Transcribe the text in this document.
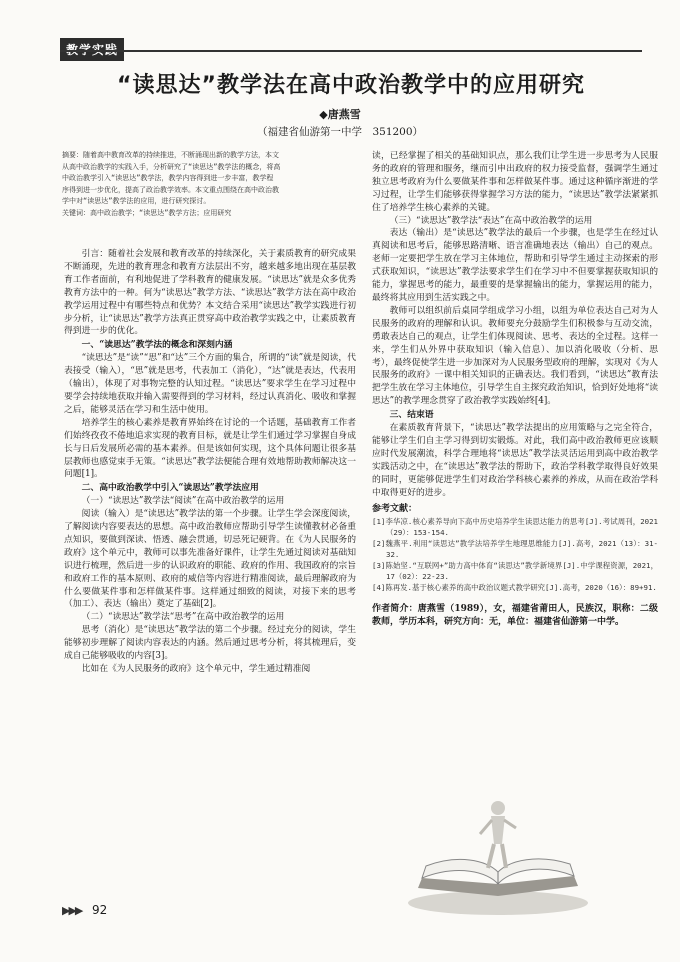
“读思达”教学法在高中政治教学中的应用研究
◆唐燕雪
（福建省仙游第一中学　351200）

摘要：随着高中教育改革的持续推进，不断涌现出新的教学方法，本文

从高中政治教学的实践入手，分析研究了“读思达”教学法的概念，将高

中政治教学引入“读思达”教学法，教学内容得到进一步丰富，教学程

序得到进一步优化，提高了政治教学效率。本文重点围绕在高中政治教

学中对“读思达”教学法的应用，进行研究探讨。

关键词：高中政治教学；“读思达”教学方法；应用研究

引言：随着社会发展和教育改革的持续深化，关于素质教育的研究成果不断涌现，先进的教育理念和教育方法层出不穷，越来越多地出现在基层教育工作者面前，有利地促进了学科教育的健康发展。“读思达”就是众多优秀教育方法中的一种。何为“读思达”教学方法、“读思达”教学方法在高中政治教学运用过程中有哪些特点和优势？本文结合采用“读思达”教学实践进行初步分析，让“读思达”教学方法真正贯穿高中政治教学实践之中，让素质教育得到进一步的优化。

一、“读思达”教学法的概念和深刻内涵

“读思达”是“读”“思”和“达”三个方面的集合，所谓的“读”就是阅读，代表接受（输入），“思”就是思考，代表加工（消化），“达”就是表达，代表用（输出），体现了对事物完整的认知过程。“读思达”要求学生在学习过程中要学会持续地获取并输入需要得到的学习材料，经过认真消化、吸收和掌握之后，能够灵活在学习和生活中使用。

培养学生的核心素养是教育界始终在讨论的一个话题，基础教育工作者们始终孜孜不倦地追求实现的教育目标，就是让学生们通过学习掌握自身成长与日后发展所必需的基本素养。但是该如何实现，这个具体问题让很多基层教师也感觉束手无策。“读思达”教学法便能合理有效地帮助教师解决这一问题[1]。

二、高中政治教学中引入“读思达”教学法应用

（一）“读思达”教学法“阅读”在高中政治教学的运用

阅读（输入）是“读思达”教学法的第一个步骤。让学生学会深度阅读，了解阅读内容要表达的思想。高中政治教师应帮助引导学生读懂教材必备重点知识，要做到深读、悟透、融会贯通，切忌死记硬背。在《为人民服务的政府》这个单元中，教师可以事先准备好课件，让学生先通过阅读对基础知识进行梳理，然后进一步的认识政府的职能、政府的作用、我国政府的宗旨和政府工作的基本原则、政府的威信等内容进行精准阅读，最后理解政府为什么要做某件事和怎样做某件事。这样通过细致的阅读，对接下来的思考（加工）、表达（输出）奠定了基础[2]。

（二）“读思达”教学法“思考”在高中政治教学的运用

思考（消化）是“读思达”教学法的第二个步骤。经过充分的阅读，学生能够初步理解了阅读内容表达的内涵。然后通过思考分析，将其梳理后，变成自己能够吸收的内容[3]。

比如在《为人民服务的政府》这个单元中，学生通过精准阅

读，已经掌握了相关的基础知识点，那么我们让学生进一步思考为人民服务的政府的管理和服务，继而引申出政府的权力接受监督，强调学生通过独立思考政府为什么要做某件事和怎样做某件事。通过这种循序渐进的学习过程，让学生们能够获得掌握学习方法的能力，“读思达”教学法紧紧抓住了培养学生核心素养的关键。

（三）“读思达”教学法“表达”在高中政治教学的运用

表达（输出）是“读思达”教学法的最后一个步骤，也是学生在经过认真阅读和思考后，能够思路清晰、语言准确地表达（输出）自己的观点。老师一定要把学生放在学习主体地位，帮助和引导学生通过主动探索的形式获取知识，“读思达”教学法要求学生们在学习中不但要掌握获取知识的能力，掌握思考的能力，最重要的是掌握输出的能力，掌握运用的能力，最终将其应用到生活实践之中。

教师可以组织前后桌同学组成学习小组，以组为单位表达自己对为人民服务的政府的理解和认识。教师要充分鼓励学生们积极参与互动交流，勇敢表达自己的观点，让学生们体现阅读、思考、表达的全过程。这样一来，学生们从外界中获取知识（输入信息）、加以消化吸收（分析、思考），最终促使学生进一步加深对为人民服务型政府的理解，实现对《为人民服务的政府》一课中相关知识的正确表达。我们看到，“读思达”教育法把学生放在学习主体地位，引导学生自主探究政治知识，恰到好处地将“读思达”的教学理念贯穿了政治教学实践始终[4]。

三、结束语

在素质教育背景下，“读思达”教学法提出的应用策略与之完全符合，能够让学生们自主学习得到切实锻炼。对此，我们高中政治教师更应该顺应时代发展潮流，科学合理地将“读思达”教学法灵活运用到高中政治教学实践活动之中，在“读思达”教学法的帮助下，政治学科教学取得良好效果的同时，更能够促进学生们对政治学科核心素养的养成，从而在政治学科中取得更好的进步。

参考文献：
[1]李华凉.核心素养导向下高中历史培养学生读思达能力的思考[J].考试周刊，2021（29）：153-154.
[2]魏燕平.利用“读思达”教学法培养学生地理思维能力[J].高考，2021（13）：31-32.
[3]陈始坚.“互联网+”助力高中体育“读思达”教学新境界[J].中学课程资源，2021，17（02）：22-23.
[4]陈再发.基于核心素养的高中政治议题式教学研究[J].高考，2020（16）：89+91.
作者简介：唐燕雪（1989），女，福建省莆田人，民族汉，职称：二级教师，学历本科，研究方向：无，单位：福建省仙游第一中学。
▶▶▶ 92
